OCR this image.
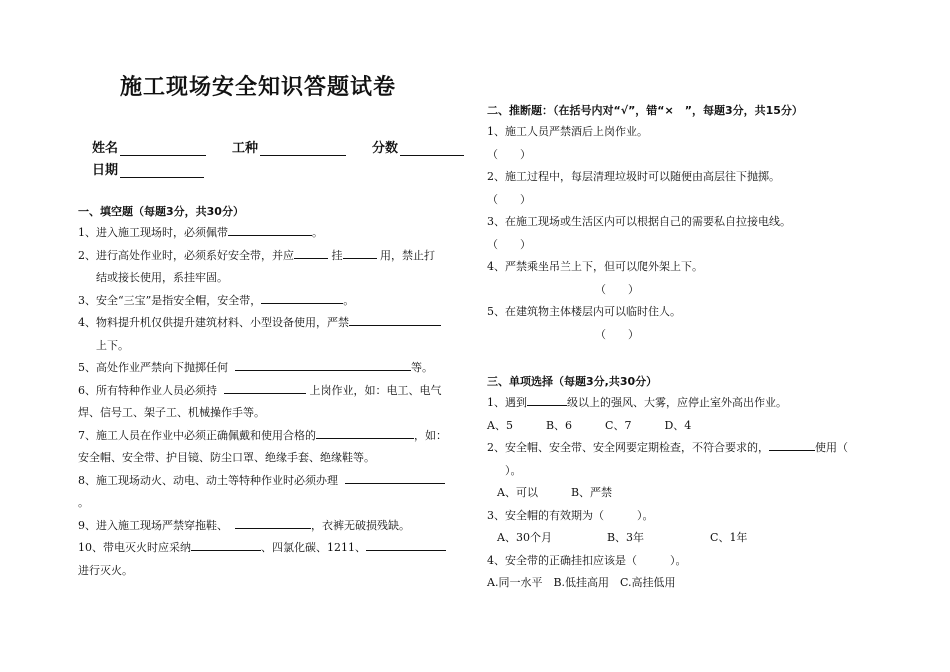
施工现场安全知识答题试卷
姓名	工种	分数
日期
一、填空题（每题3分，共30分）
1、进入施工现场时，必须佩带	。
2、进行高处作业时，必须系好安全带，并应	挂	用，禁止打
结或接长使用，系挂牢固。
3、安全“三宝”是指安全帽，安全带，	。
4、物料提升机仅供提升建筑材料、小型设备使用，严禁
上下。
5、高处作业严禁向下抛掷任何	等。
6、所有特种作业人员必须持	上岗作业，如：电工、电气
焊、信号工、架子工、机械操作手等。
7、施工人员在作业中必须正确佩戴和使用合格的	，如：
安全帽、安全带、护目镜、防尘口罩、绝缘手套、绝缘鞋等。
8、施工现场动火、动电、动土等特种作业时必须办理
。
9、进入施工现场严禁穿拖鞋、	，衣裤无破损残缺。
10、带电灭火时应采纳	、四氯化碳、1211、
进行灭火。
二、推断题：（在括号内对“√”，错“×　”，每题3分，共15分）
1、施工人员严禁酒后上岗作业。
（　　）
2、施工过程中，每层清理垃圾时可以随便由高层往下抛掷。
（　　）
3、在施工现场或生活区内可以根据自己的需要私自拉接电线。
（　　）
4、严禁乘坐吊兰上下，但可以爬外架上下。
（　　）
5、在建筑物主体楼层内可以临时住人。
（　　）
三、单项选择（每题3分,共30分）
1、遇到	级以上的强风、大雾，应停止室外高出作业。
A、5　　　B、6　　　C、7　　　D、4
2、安全帽、安全带、安全网要定期检查，不符合要求的，	使用（
）。
A、可以　　　B、严禁
3、安全帽的有效期为（　　　）。
A、30个月　　　　　B、3年　　　　　　C、1年
4、安全带的正确挂扣应该是（　　　）。
A.同一水平　B.低挂高用　C.高挂低用
